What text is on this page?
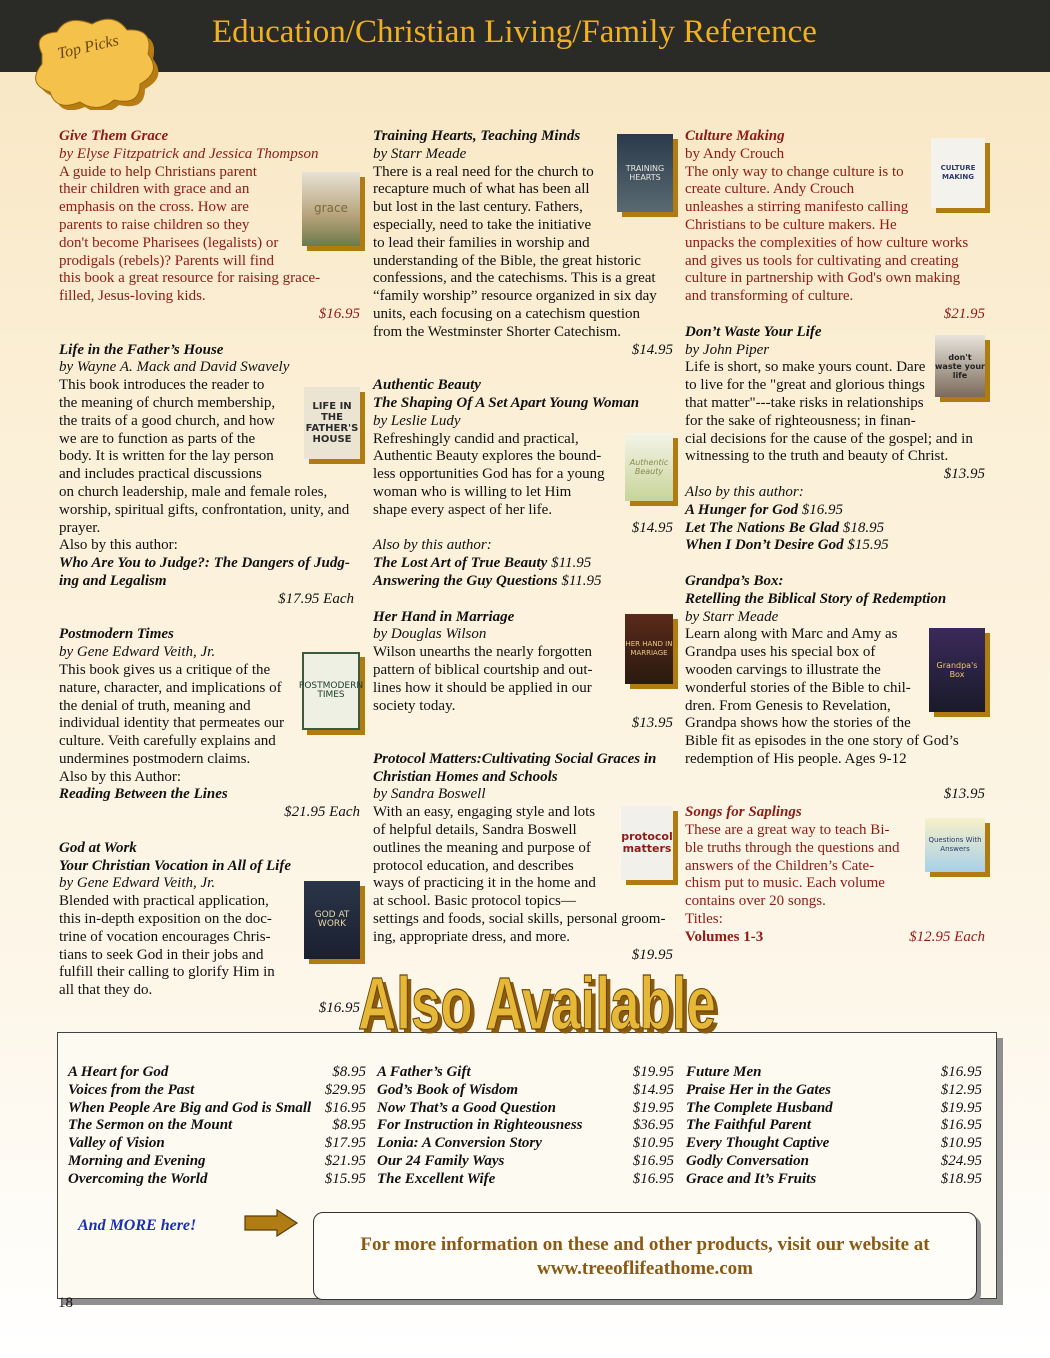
Education/Christian Living/Family Reference
Top Picks
Give Them Grace
by Elyse Fitzpatrick and Jessica Thompson
grace
A guide to help Christians parent
their children with grace and an
emphasis on the cross. How are
parents to raise children so they
don't become Pharisees (legalists) or
prodigals (rebels)? Parents will find
this book a great resource for raising grace-
filled, Jesus-loving kids.
$16.95
Life in the Father’s House
by Wayne A. Mack and David Swavely
LIFE IN THE FATHER'S HOUSE
This book introduces the reader to
the meaning of church membership,
the traits of a good church, and how
we are to function as parts of the
body. It is written for the lay person
and includes practical discussions
on church leadership, male and female roles,
worship, spiritual gifts, confrontation, unity, and
prayer.
Also by this author:
Who Are You to Judge?: The Dangers of Judg-
ing and Legalism
$17.95 Each
Postmodern Times
by Gene Edward Veith, Jr.
POSTMODERN TIMES
This book gives us a critique of the
nature, character, and implications of
the denial of truth, meaning and
individual identity that permeates our
culture. Veith carefully explains and
undermines postmodern claims.
Also by this Author:
Reading Between the Lines
$21.95 Each
God at Work
Your Christian Vocation in All of Life
by Gene Edward Veith, Jr.
GOD AT WORK
Blended with practical application,
this in-depth exposition on the doc-
trine of vocation encourages Chris-
tians to seek God in their jobs and
fulfill their calling to glorify Him in
all that they do.
$16.95
Training Hearts, Teaching Minds
by Starr Meade
TRAINING HEARTS
There is a real need for the church to
recapture much of what has been all
but lost in the last century. Fathers,
especially, need to take the initiative
to lead their families in worship and
understanding of the Bible, the great historic
confessions, and the catechisms. This is a great
“family worship” resource organized in six day
units, each focusing on a catechism question
from the Westminster Shorter Catechism.
$14.95
Authentic Beauty
The Shaping Of A Set Apart Young Woman
by Leslie Ludy
Authentic Beauty
Refreshingly candid and practical,
Authentic Beauty explores the bound-
less opportunities God has for a young
woman who is willing to let Him
shape every aspect of her life.
$14.95
Also by this author:
The Lost Art of True Beauty $11.95
Answering the Guy Questions $11.95
Her Hand in Marriage
by Douglas Wilson
HER HAND IN MARRIAGE
Wilson unearths the nearly forgotten
pattern of biblical courtship and out-
lines how it should be applied in our
society today.
$13.95
Protocol Matters:Cultivating Social Graces in
Christian Homes and Schools
by Sandra Boswell
protocol matters
With an easy, engaging style and lots
of helpful details, Sandra Boswell
outlines the meaning and purpose of
protocol education, and describes
ways of practicing it in the home and
at school. Basic protocol topics—
settings and foods, social skills, personal groom-
ing, appropriate dress, and more.
$19.95
Culture Making
by Andy Crouch
CULTURE MAKING
The only way to change culture is to
create culture. Andy Crouch
unleashes a stirring manifesto calling
Christians to be culture makers. He
unpacks the complexities of how culture works
and gives us tools for cultivating and creating
culture in partnership with God's own making
and transforming of culture.
$21.95
Don’t Waste Your Life
by John Piper	don't waste your life
Life is short, so make yours count. Dare
to live for the "great and glorious things
that matter"---take risks in relationships
for the sake of righteousness; in finan-
cial decisions for the cause of the gospel; and in
witnessing to the truth and beauty of Christ.
$13.95
Also by this author:
A Hunger for God $16.95
Let The Nations Be Glad $18.95
When I Don’t Desire God $15.95
Grandpa’s Box:
Retelling the Biblical Story of Redemption
by Starr Meade
Grandpa's Box
Learn along with Marc and Amy as
Grandpa uses his special box of
wooden carvings to illustrate the
wonderful stories of the Bible to chil-
dren. From Genesis to Revelation,
Grandpa shows how the stories of the
Bible fit as episodes in the one story of God’s
redemption of His people. Ages 9-12
$13.95
Songs for Saplings
Questions With Answers
These are a great way to teach Bi-
ble truths through the questions and
answers of the Children’s Cate-
chism put to music. Each volume
contains over 20 songs.
Titles:
Volumes 1-3	$12.95 Each
Also Available
Also Available
A Heart for God	$8.95
Voices from the Past	$29.95
When People Are Big and God is Small $16.95
The Sermon on the Mount	$8.95
Valley of Vision	$17.95
Morning and Evening	$21.95
Overcoming the World	$15.95
A Father’s Gift	$19.95
God’s Book of Wisdom	$14.95
Now That’s a Good Question	$19.95
For Instruction in Righteousness	$36.95
Lonia: A Conversion Story	$10.95
Our 24 Family Ways	$16.95
The Excellent Wife	$16.95
Future Men	$16.95
Praise Her in the Gates	$12.95
The Complete Husband	$19.95
The Faithful Parent	$16.95
Every Thought Captive	$10.95
Godly Conversation	$24.95
Grace and It’s Fruits	$18.95
And MORE here!
For more information on these and other products, visit our website at
www.treeoflifeathome.com
18
